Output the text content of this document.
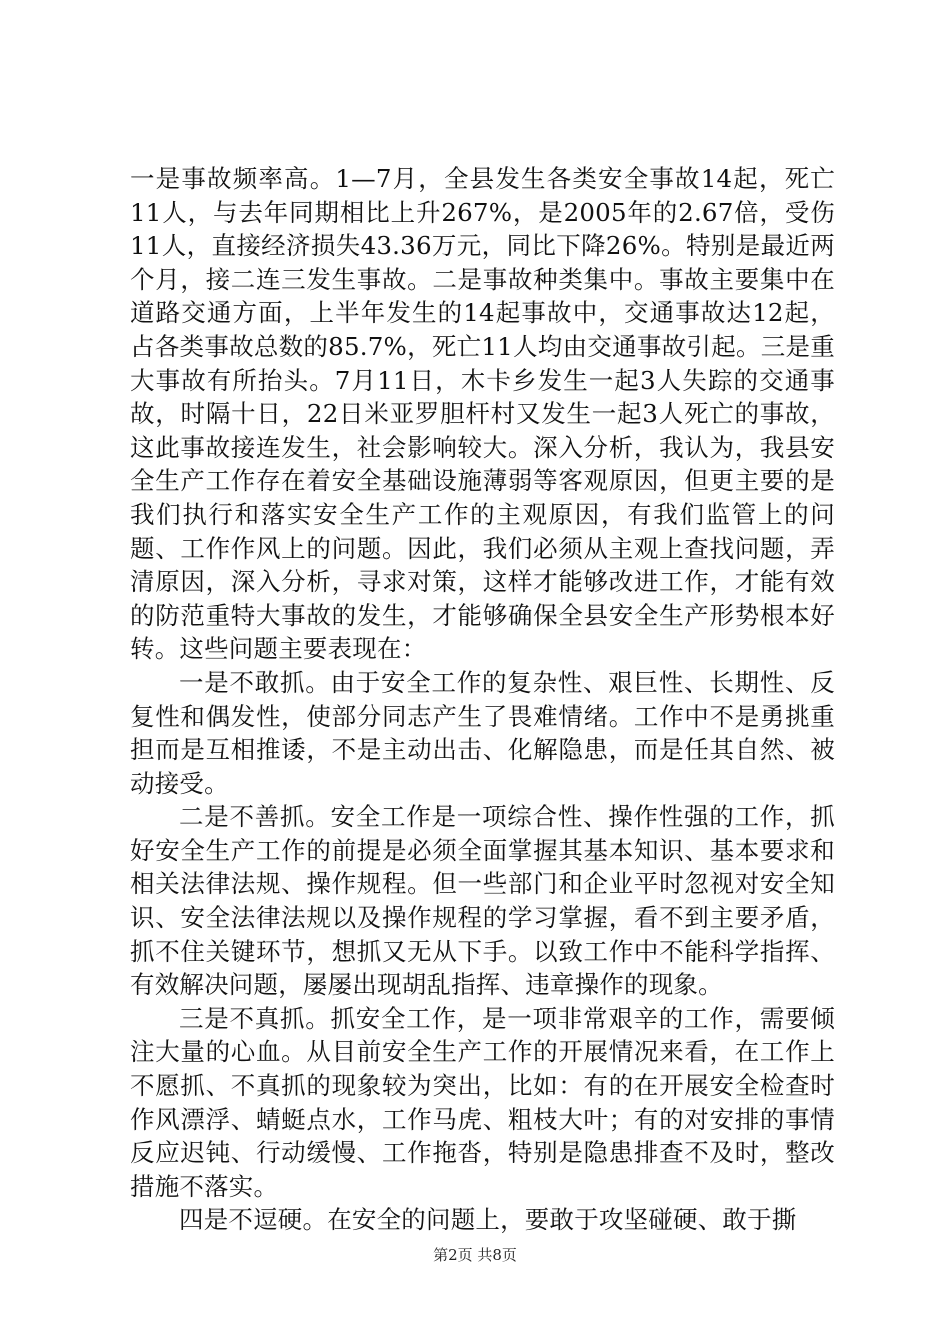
一是事故频率高。1—7月，全县发生各类安全事故14起，死亡11人，与去年同期相比上升267%，是2005年的2.67倍，受伤11人，直接经济损失43.36万元，同比下降26%。特别是最近两个月，接二连三发生事故。二是事故种类集中。事故主要集中在道路交通方面，上半年发生的14起事故中，交通事故达12起，占各类事故总数的85.7%，死亡11人均由交通事故引起。三是重大事故有所抬头。7月11日，木卡乡发生一起3人失踪的交通事故，时隔十日，22日米亚罗胆杆村又发生一起3人死亡的事故，这此事故接连发生，社会影响较大。深入分析，我认为，我县安全生产工作存在着安全基础设施薄弱等客观原因，但更主要的是我们执行和落实安全生产工作的主观原因，有我们监管上的问题、工作作风上的问题。因此，我们必须从主观上查找问题，弄清原因，深入分析，寻求对策，这样才能够改进工作，才能有效的防范重特大事故的发生，才能够确保全县安全生产形势根本好转。这些问题主要表现在：

一是不敢抓。由于安全工作的复杂性、艰巨性、长期性、反复性和偶发性，使部分同志产生了畏难情绪。工作中不是勇挑重担而是互相推诿，不是主动出击、化解隐患，而是任其自然、被动接受。

二是不善抓。安全工作是一项综合性、操作性强的工作，抓好安全生产工作的前提是必须全面掌握其基本知识、基本要求和相关法律法规、操作规程。但一些部门和企业平时忽视对安全知识、安全法律法规以及操作规程的学习掌握，看不到主要矛盾，抓不住关键环节，想抓又无从下手。以致工作中不能科学指挥、有效解决问题，屡屡出现胡乱指挥、违章操作的现象。

三是不真抓。抓安全工作，是一项非常艰辛的工作，需要倾注大量的心血。从目前安全生产工作的开展情况来看，在工作上不愿抓、不真抓的现象较为突出，比如：有的在开展安全检查时作风漂浮、蜻蜓点水，工作马虎、粗枝大叶；有的对安排的事情反应迟钝、行动缓慢、工作拖沓，特别是隐患排查不及时，整改措施不落实。

四是不逗硬。在安全的问题上，要敢于攻坚碰硬、敢于撕

第2页 共8页
